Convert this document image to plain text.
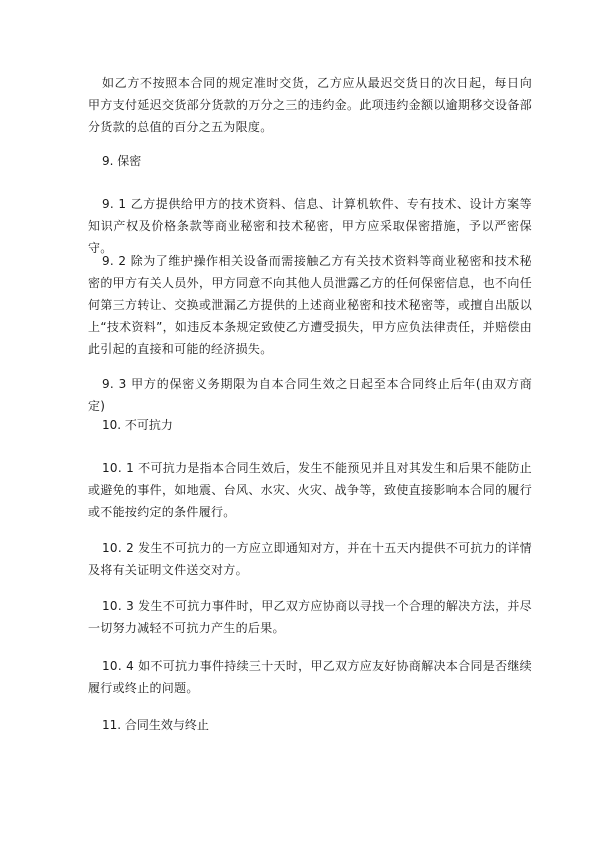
如乙方不按照本合同的规定准时交货，乙方应从最迟交货日的次日起，每日向甲方支付延迟交货部分货款的万分之三的违约金。此项违约金额以逾期移交设备部分货款的总值的百分之五为限度。

9. 保密

9. 1 乙方提供给甲方的技术资料、信息、计算机软件、专有技术、设计方案等知识产权及价格条款等商业秘密和技术秘密，甲方应采取保密措施，予以严密保守。

9. 2 除为了维护操作相关设备而需接触乙方有关技术资料等商业秘密和技术秘密的甲方有关人员外，甲方同意不向其他人员泄露乙方的任何保密信息，也不向任何第三方转让、交换或泄漏乙方提供的上述商业秘密和技术秘密等，或擅自出版以上“技术资料”，如违反本条规定致使乙方遭受损失，甲方应负法律责任，并赔偿由此引起的直接和可能的经济损失。

9. 3 甲方的保密义务期限为自本合同生效之日起至本合同终止后年(由双方商定)

10. 不可抗力

10. 1 不可抗力是指本合同生效后，发生不能预见并且对其发生和后果不能防止或避免的事件，如地震、台风、水灾、火灾、战争等，致使直接影响本合同的履行或不能按约定的条件履行。

10. 2 发生不可抗力的一方应立即通知对方，并在十五天内提供不可抗力的详情及将有关证明文件送交对方。

10. 3 发生不可抗力事件时，甲乙双方应协商以寻找一个合理的解决方法，并尽一切努力减轻不可抗力产生的后果。

10. 4 如不可抗力事件持续三十天时，甲乙双方应友好协商解决本合同是否继续履行或终止的问题。

11. 合同生效与终止
